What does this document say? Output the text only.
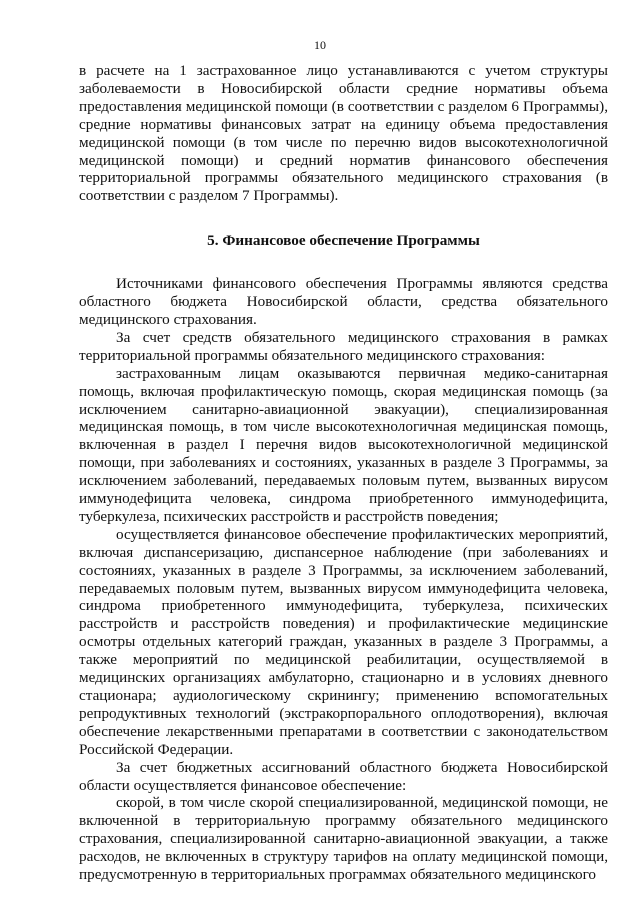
10

в расчете на 1 застрахованное лицо устанавливаются с учетом структуры заболеваемости в Новосибирской области средние нормативы объема предоставления медицинской помощи (в соответствии с разделом 6 Программы), средние нормативы финансовых затрат на единицу объема предоставления медицинской помощи (в том числе по перечню видов высокотехнологичной медицинской помощи) и средний норматив финансового обеспечения территориальной программы обязательного медицинского страхования (в соответствии с разделом 7 Программы).

5. Финансовое обеспечение Программы

Источниками финансового обеспечения Программы являются средства областного бюджета Новосибирской области, средства обязательного медицинского страхования.

За счет средств обязательного медицинского страхования в рамках территориальной программы обязательного медицинского страхования:

застрахованным лицам оказываются первичная медико-санитарная помощь, включая профилактическую помощь, скорая медицинская помощь (за исключением санитарно-авиационной эвакуации), специализированная медицинская помощь, в том числе высокотехнологичная медицинская помощь, включенная в раздел I перечня видов высокотехнологичной медицинской помощи, при заболеваниях и состояниях, указанных в разделе 3 Программы, за исключением заболеваний, передаваемых половым путем, вызванных вирусом иммунодефицита человека, синдрома приобретенного иммунодефицита, туберкулеза, психических расстройств и расстройств поведения;

осуществляется финансовое обеспечение профилактических мероприятий, включая диспансеризацию, диспансерное наблюдение (при заболеваниях и состояниях, указанных в разделе 3 Программы, за исключением заболеваний, передаваемых половым путем, вызванных вирусом иммунодефицита человека, синдрома приобретенного иммунодефицита, туберкулеза, психических расстройств и расстройств поведения) и профилактические медицинские осмотры отдельных категорий граждан, указанных в разделе 3 Программы, а также мероприятий по медицинской реабилитации, осуществляемой в медицинских организациях амбулаторно, стационарно и в условиях дневного стационара; аудиологическому скринингу; применению вспомогательных репродуктивных технологий (экстракорпорального оплодотворения), включая обеспечение лекарственными препаратами в соответствии с законодательством Российской Федерации.

За счет бюджетных ассигнований областного бюджета Новосибирской области осуществляется финансовое обеспечение:

скорой, в том числе скорой специализированной, медицинской помощи, не включенной в территориальную программу обязательного медицинского страхования, специализированной санитарно-авиационной эвакуации, а также расходов, не включенных в структуру тарифов на оплату медицинской помощи, предусмотренную в территориальных программах обязательного медицинского
